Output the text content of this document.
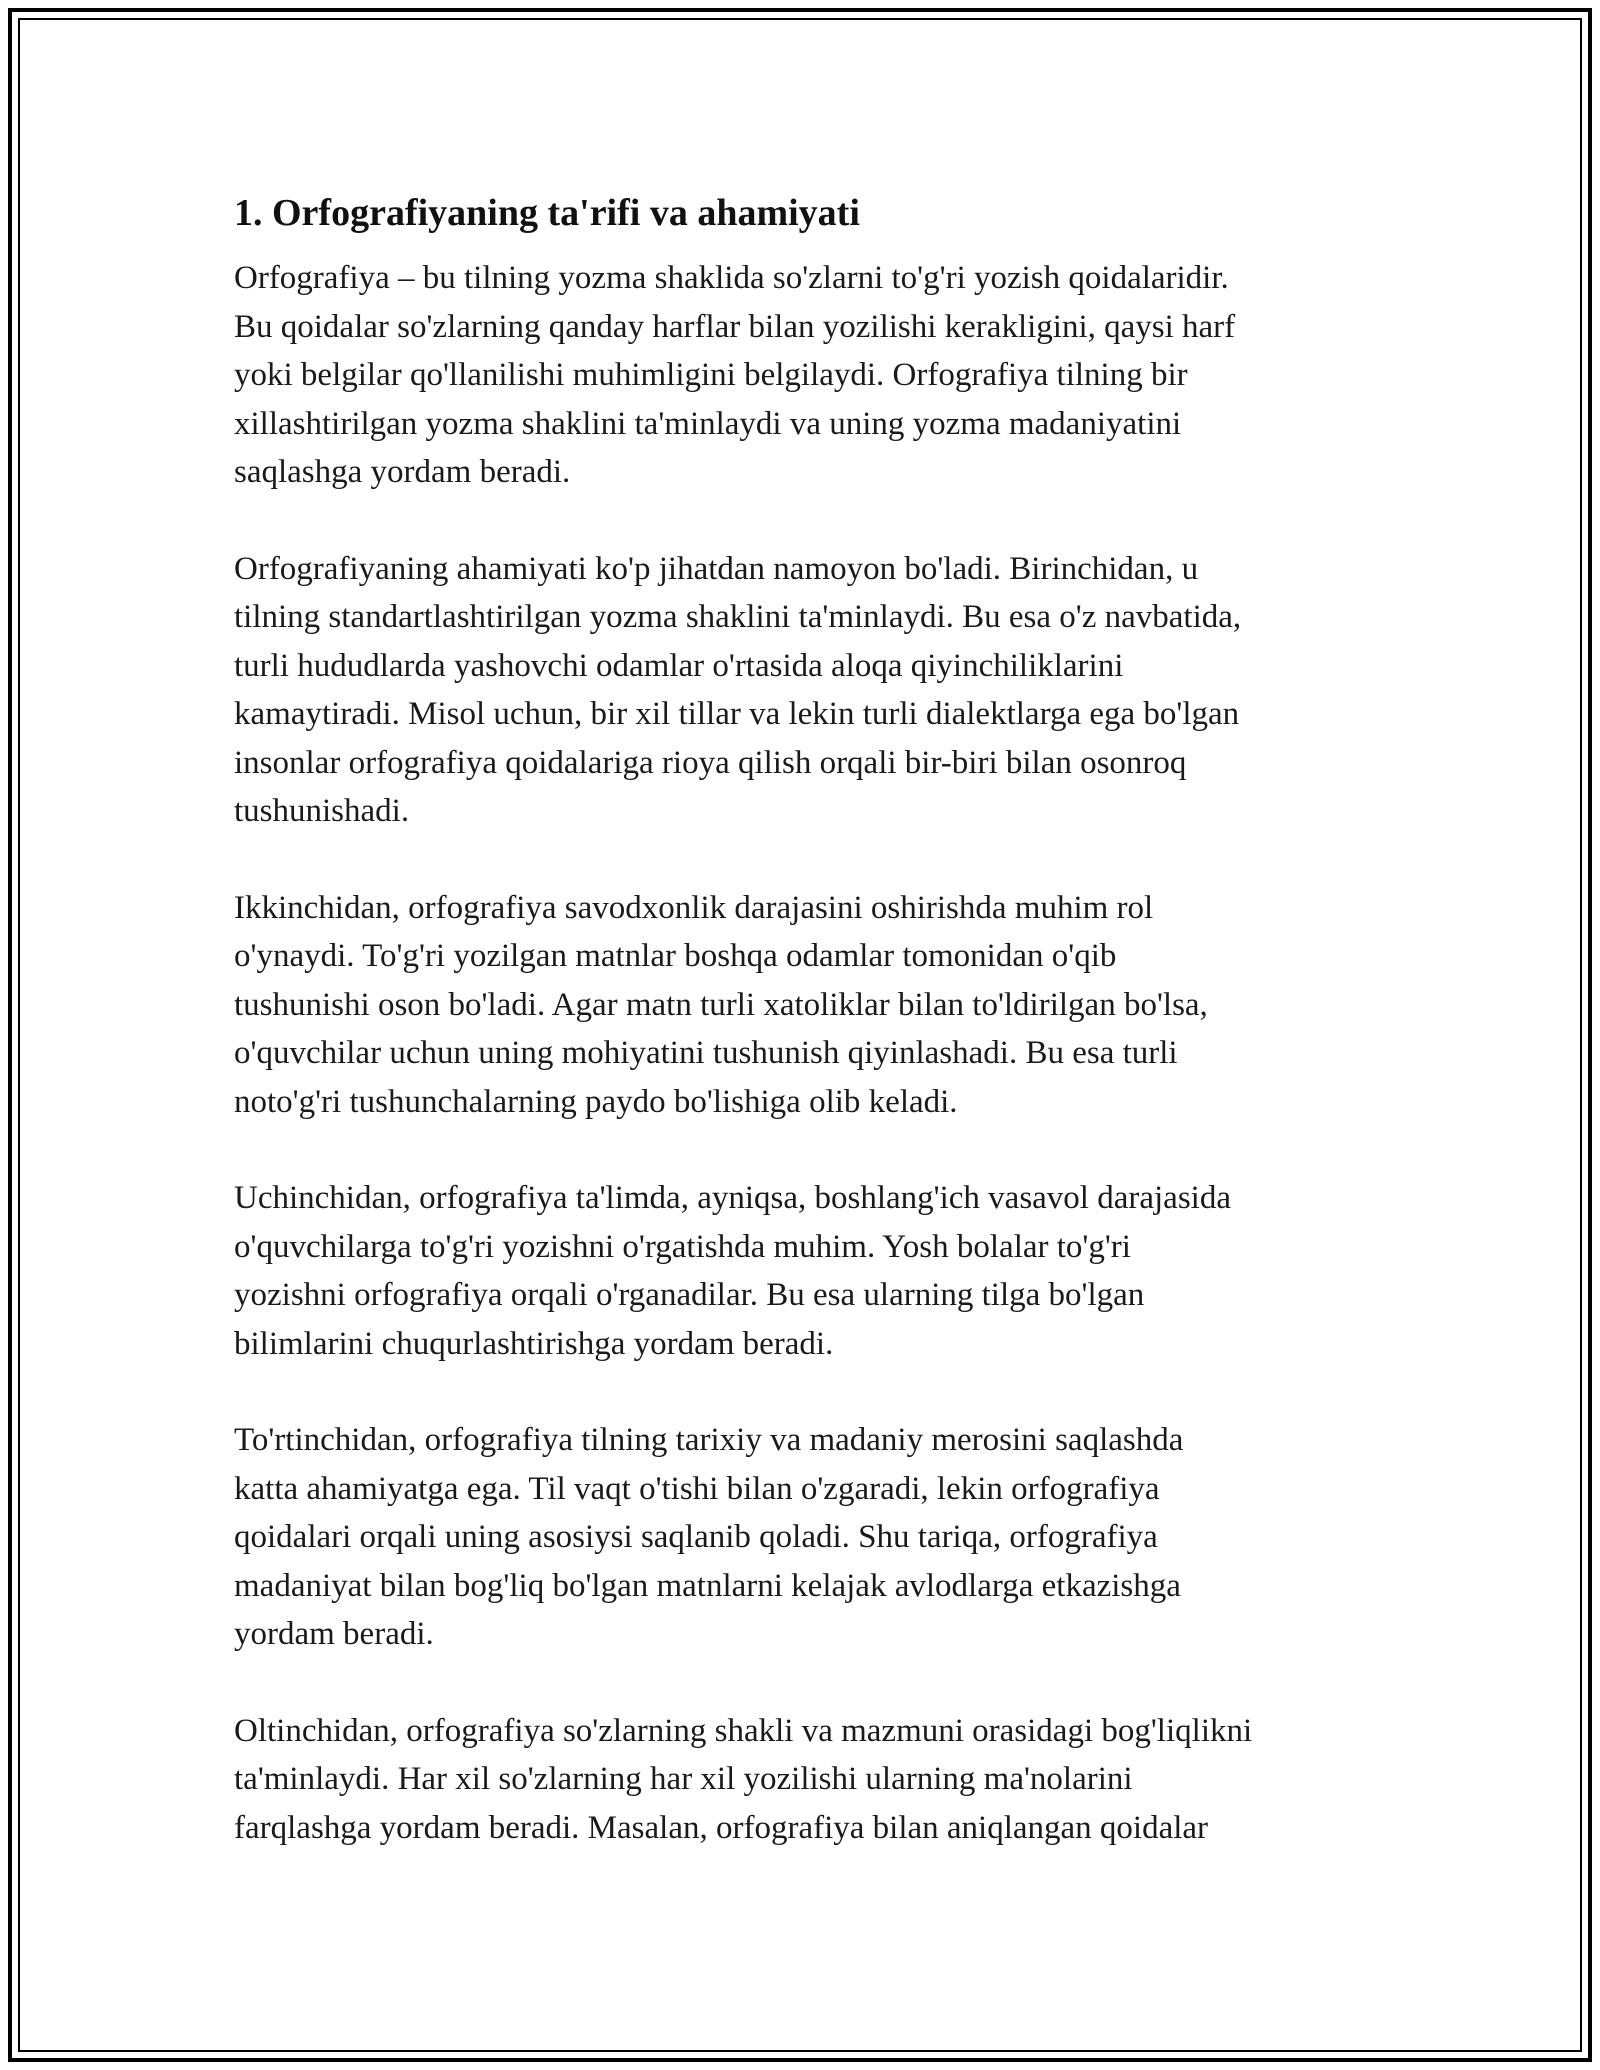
1. Orfografiyaning ta'rifi va ahamiyati

Orfografiya – bu tilning yozma shaklida so'zlarni to'g'ri yozish qoidalaridir.
Bu qoidalar so'zlarning qanday harflar bilan yozilishi kerakligini, qaysi harf
yoki belgilar qo'llanilishi muhimligini belgilaydi. Orfografiya tilning bir
xillashtirilgan yozma shaklini ta'minlaydi va uning yozma madaniyatini
saqlashga yordam beradi.

Orfografiyaning ahamiyati ko'p jihatdan namoyon bo'ladi. Birinchidan, u
tilning standartlashtirilgan yozma shaklini ta'minlaydi. Bu esa o'z navbatida,
turli hududlarda yashovchi odamlar o'rtasida aloqa qiyinchiliklarini
kamaytiradi. Misol uchun, bir xil tillar va lekin turli dialektlarga ega bo'lgan
insonlar orfografiya qoidalariga rioya qilish orqali bir-biri bilan osonroq
tushunishadi.

Ikkinchidan, orfografiya savodxonlik darajasini oshirishda muhim rol
o'ynaydi. To'g'ri yozilgan matnlar boshqa odamlar tomonidan o'qib
tushunishi oson bo'ladi. Agar matn turli xatoliklar bilan to'ldirilgan bo'lsa,
o'quvchilar uchun uning mohiyatini tushunish qiyinlashadi. Bu esa turli
noto'g'ri tushunchalarning paydo bo'lishiga olib keladi.

Uchinchidan, orfografiya ta'limda, ayniqsa, boshlang'ich vasavol darajasida
o'quvchilarga to'g'ri yozishni o'rgatishda muhim. Yosh bolalar to'g'ri
yozishni orfografiya orqali o'rganadilar. Bu esa ularning tilga bo'lgan
bilimlarini chuqurlashtirishga yordam beradi.

To'rtinchidan, orfografiya tilning tarixiy va madaniy merosini saqlashda
katta ahamiyatga ega. Til vaqt o'tishi bilan o'zgaradi, lekin orfografiya
qoidalari orqali uning asosiysi saqlanib qoladi. Shu tariqa, orfografiya
madaniyat bilan bog'liq bo'lgan matnlarni kelajak avlodlarga etkazishga
yordam beradi.

Oltinchidan, orfografiya so'zlarning shakli va mazmuni orasidagi bog'liqlikni
ta'minlaydi. Har xil so'zlarning har xil yozilishi ularning ma'nolarini
farqlashga yordam beradi. Masalan, orfografiya bilan aniqlangan qoidalar
